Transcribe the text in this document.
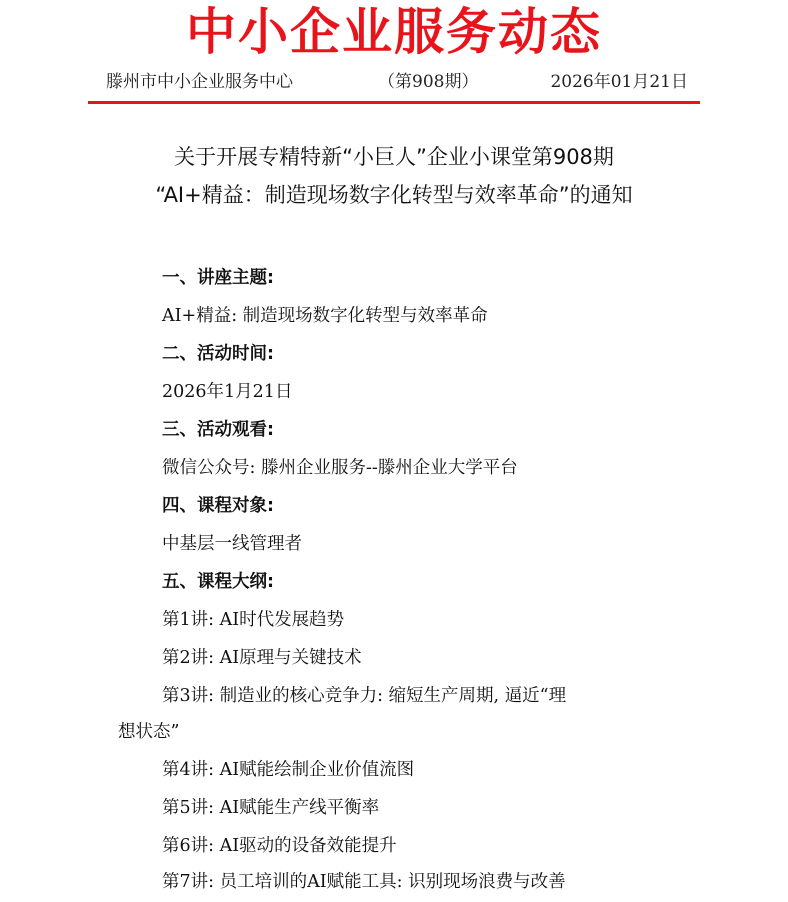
中小企业服务动态
滕州市中小企业服务中心	（第908期）	2026年01月21日
关于开展专精特新“小巨人”企业小课堂第908期
“AI+精益：制造现场数字化转型与效率革命”的通知
一、讲座主题:
AI+精益: 制造现场数字化转型与效率革命
二、活动时间:
2026年1月21日
三、活动观看:
微信公众号: 滕州企业服务--滕州企业大学平台
四、课程对象:
中基层一线管理者
五、课程大纲:
第1讲: AI时代发展趋势
第2讲: AI原理与关键技术
第3讲: 制造业的核心竞争力: 缩短生产周期, 逼近“理
想状态”
第4讲: AI赋能绘制企业价值流图
第5讲: AI赋能生产线平衡率
第6讲: AI驱动的设备效能提升
第7讲: 员工培训的AI赋能工具: 识别现场浪费与改善
